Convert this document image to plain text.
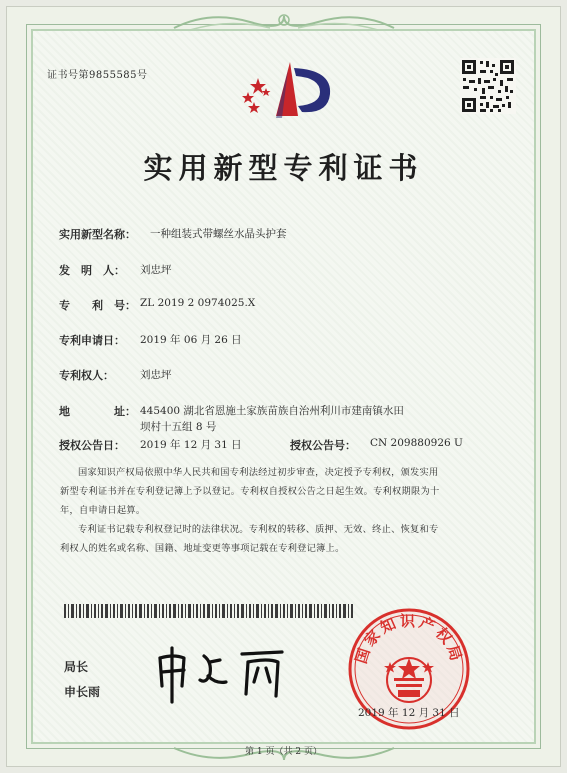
证书号第9855585号
实用新型专利证书
实用新型名称： 一种组装式带螺丝水晶头护套
发　明　人： 刘忠坪
专　　利　号： ZL 2019 2 0974025.X
专利申请日： 2019 年 06 月 26 日
专利权人： 刘忠坪
地　　　　址： 445400 湖北省恩施土家族苗族自治州利川市建南镇水田
坝村十五组 8 号
授权公告日： 2019 年 12 月 31 日	授权公告号： CN 209880926 U
国家知识产权局依照中华人民共和国专利法经过初步审查，决定授予专利权，颁发实用
新型专利证书并在专利登记簿上予以登记。专利权自授权公告之日起生效。专利权期限为十
年，自申请日起算。
专利证书记载专利权登记时的法律状况。专利权的转移、质押、无效、终止、恢复和专
利权人的姓名或名称、国籍、地址变更等事项记载在专利登记簿上。
局长
申长雨
国家知识产权局
2019 年 12 月 31 日
第 1 页（共 2 页）
